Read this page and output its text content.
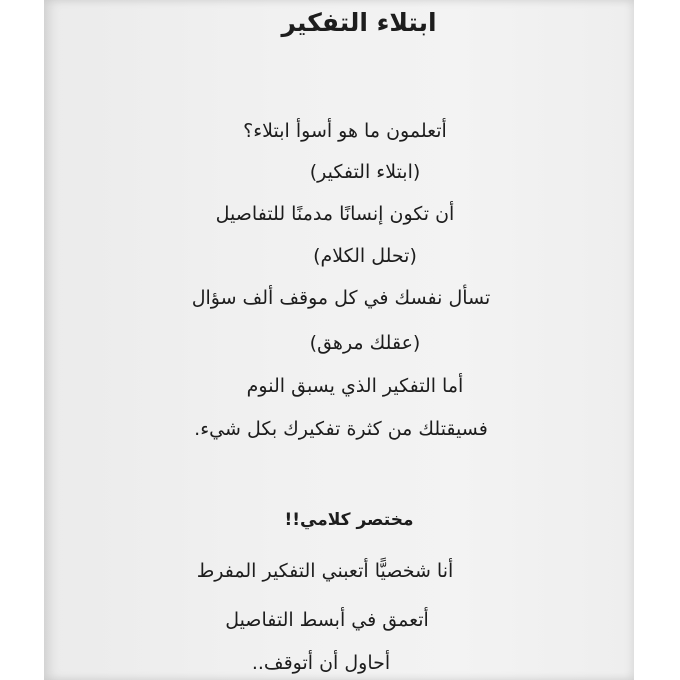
ابتلاء التفكير
أتعلمون ما هو أسوأ ابتلاء؟
(ابتلاء التفكير)
أن تكون إنسانًا مدمنًا للتفاصيل
(تحلل الكلام)
تسأل نفسك في كل موقف ألف سؤال
(عقلك مرهق)
أما التفكير الذي يسبق النوم
فسيقتلك من كثرة تفكيرك بكل شيء.
مختصر كلامي!!
أنا شخصيًّا أتعبني التفكير المفرط
أتعمق في أبسط التفاصيل
أحاول أن أتوقف..
